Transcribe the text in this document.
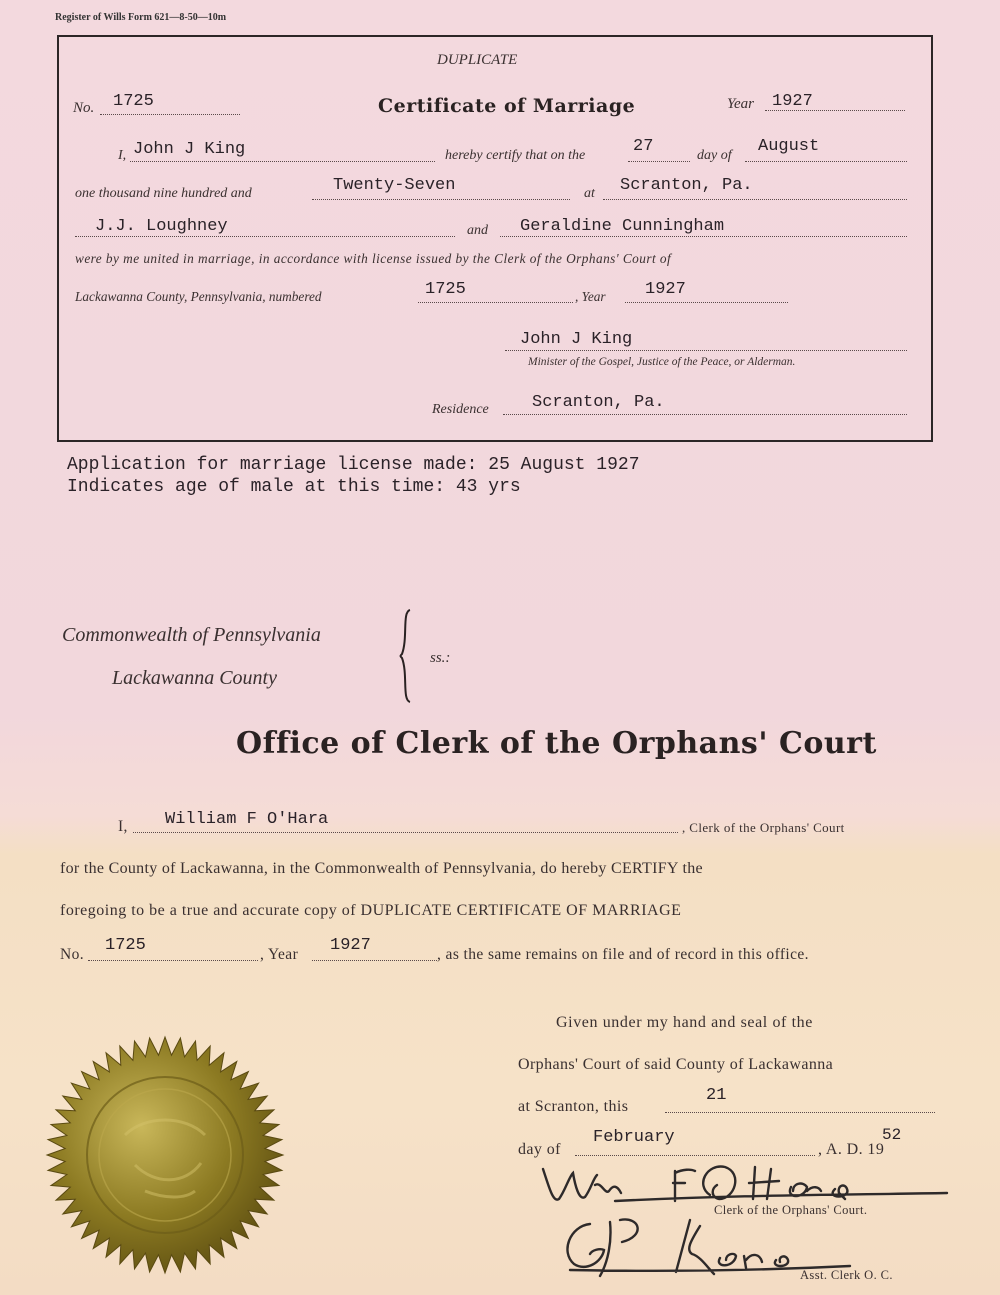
Register of Wills Form 621—8-50—10m
DUPLICATE
No. 1725	Certificate of Marriage	Year 1927
I, John J King	hereby certify that on the	27	day of August
one thousand nine hundred and	Twenty-Seven	at Scranton, Pa.
J.J. Loughney	and Geraldine Cunningham
were by me united in marriage, in accordance with license issued by the Clerk of the Orphans' Court of
Lackawanna County, Pennsylvania, numbered	1725	, Year 1927
John J King
Minister of the Gospel, Justice of the Peace, or Alderman.
Residence	Scranton, Pa.
Application for marriage license made: 25 August 1927
Indicates age of male at this time: 43 yrs
Commonwealth of Pennsylvania
Lackawanna County
ss.:
Office of Clerk of the Orphans' Court
I, William F O'Hara	, Clerk of the Orphans' Court
for the County of Lackawanna, in the Commonwealth of Pennsylvania, do hereby CERTIFY the
foregoing to be a true and accurate copy of DUPLICATE CERTIFICATE OF MARRIAGE
No. 1725	, Year 1927	, as the same remains on file and of record in this office.
Given under my hand and seal of the
Orphans' Court of said County of Lackawanna
at Scranton, this
21
day of
February
, A. D. 19
52
Clerk of the Orphans' Court.
Asst. Clerk O. C.
